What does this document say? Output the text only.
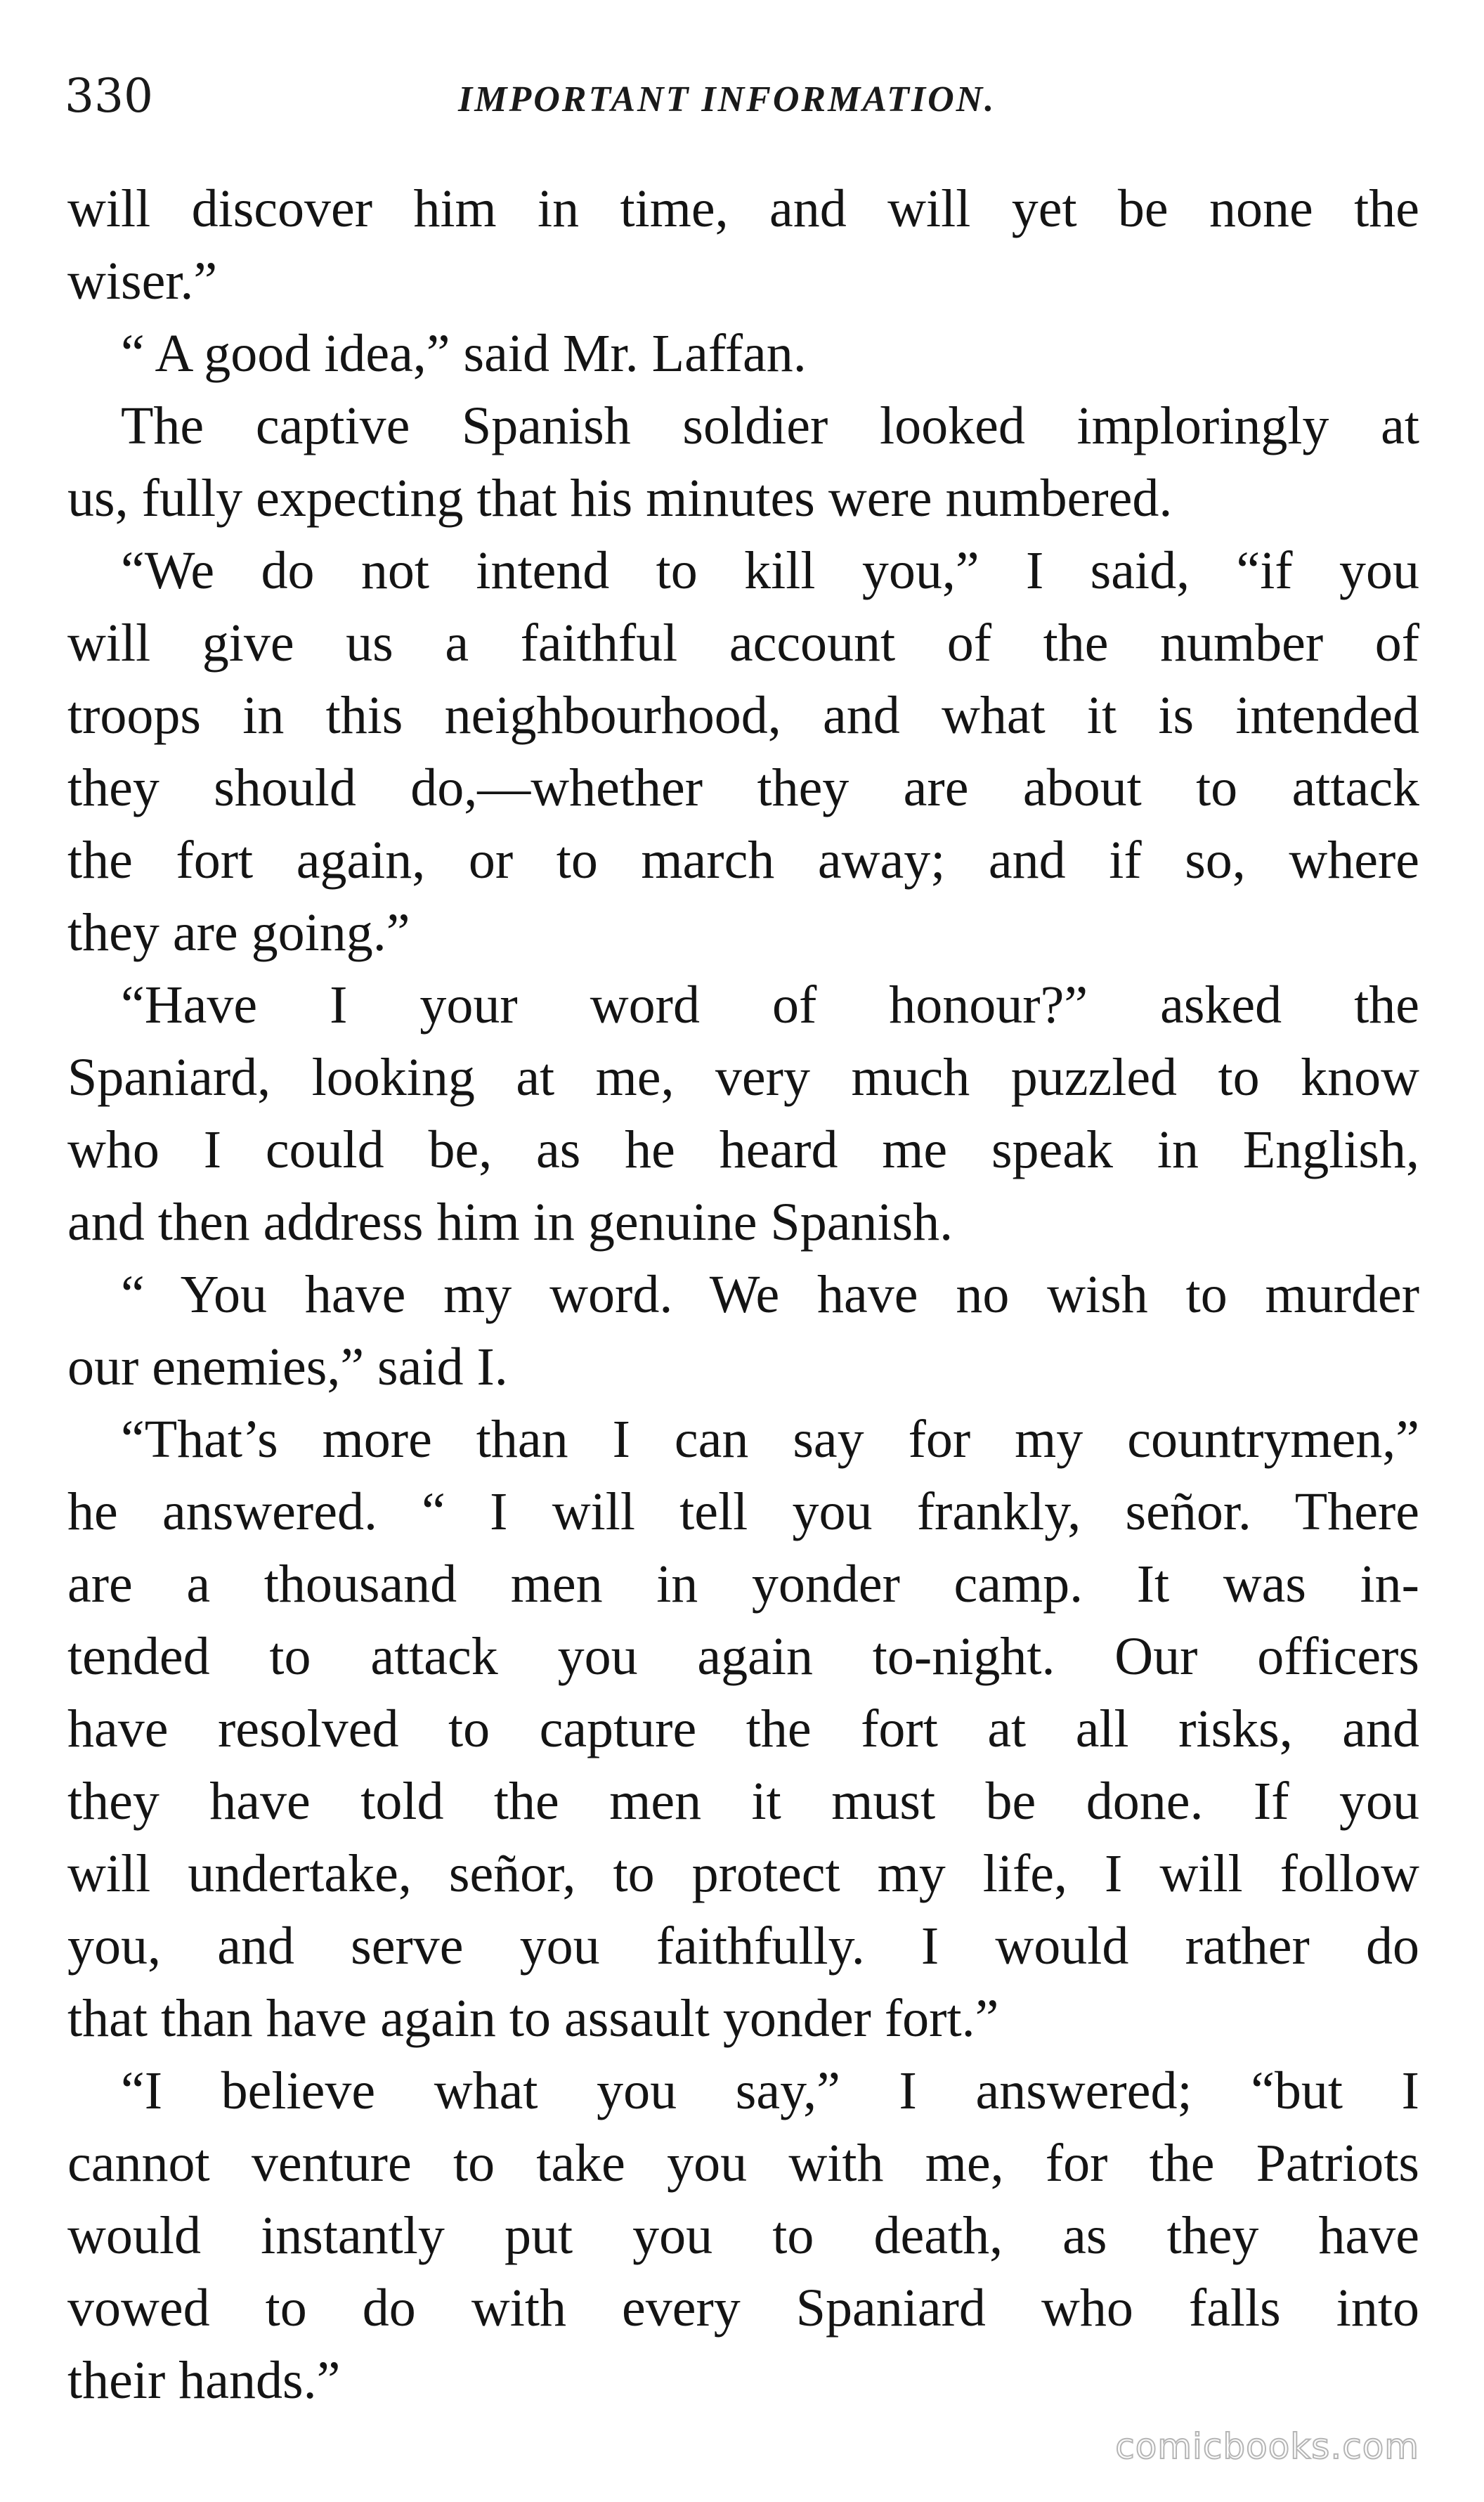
330	IMPORTANT INFORMATION.
will discover him in time, and will yet be none the
wiser.”
“ A good idea,” said Mr. Laffan.
The captive Spanish soldier looked imploringly at
us, fully expecting that his minutes were numbered.
“We do not intend to kill you,” I said, “if you
will give us a faithful account of the number of
troops in this neighbourhood, and what it is intended
they should do,—whether they are about to attack
the fort again, or to march away; and if so, where
they are going.”
“Have I your word of honour?” asked the
Spaniard, looking at me, very much puzzled to know
who I could be, as he heard me speak in English,
and then address him in genuine Spanish.
“ You have my word. We have no wish to murder
our enemies,” said I.
“That’s more than I can say for my countrymen,”
he answered. “ I will tell you frankly, señor. There
are a thousand men in yonder camp. It was in-
tended to attack you again to-night. Our officers
have resolved to capture the fort at all risks, and
they have told the men it must be done. If you
will undertake, señor, to protect my life, I will follow
you, and serve you faithfully. I would rather do
that than have again to assault yonder fort.”
“I believe what you say,” I answered; “but I
cannot venture to take you with me, for the Patriots
would instantly put you to death, as they have
vowed to do with every Spaniard who falls into
their hands.”
comicbooks.com
